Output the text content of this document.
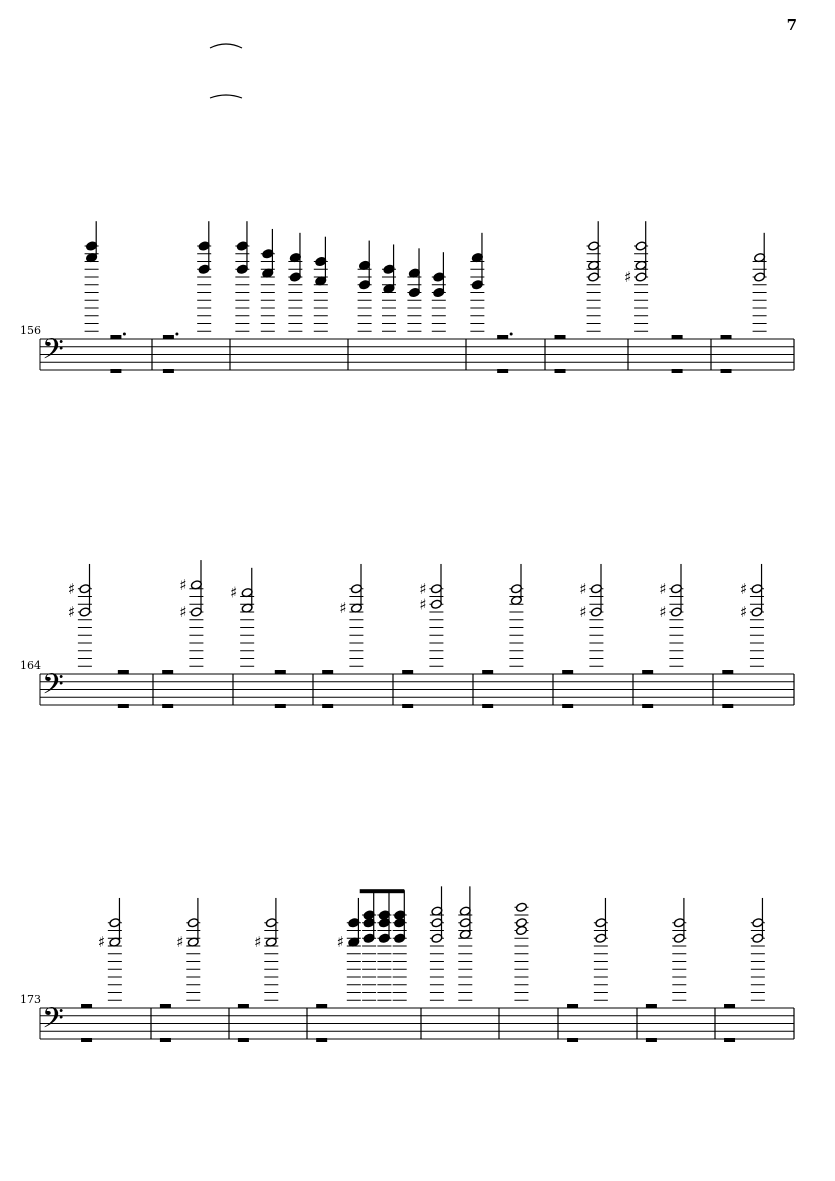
7
156
164
173
𝄢
♯
𝄢
♯
♯
♯
♯
♯
♯
♯
♯
♯
♯
♯
♯
♯
♯
𝄢
♯	♯	♯	♯
